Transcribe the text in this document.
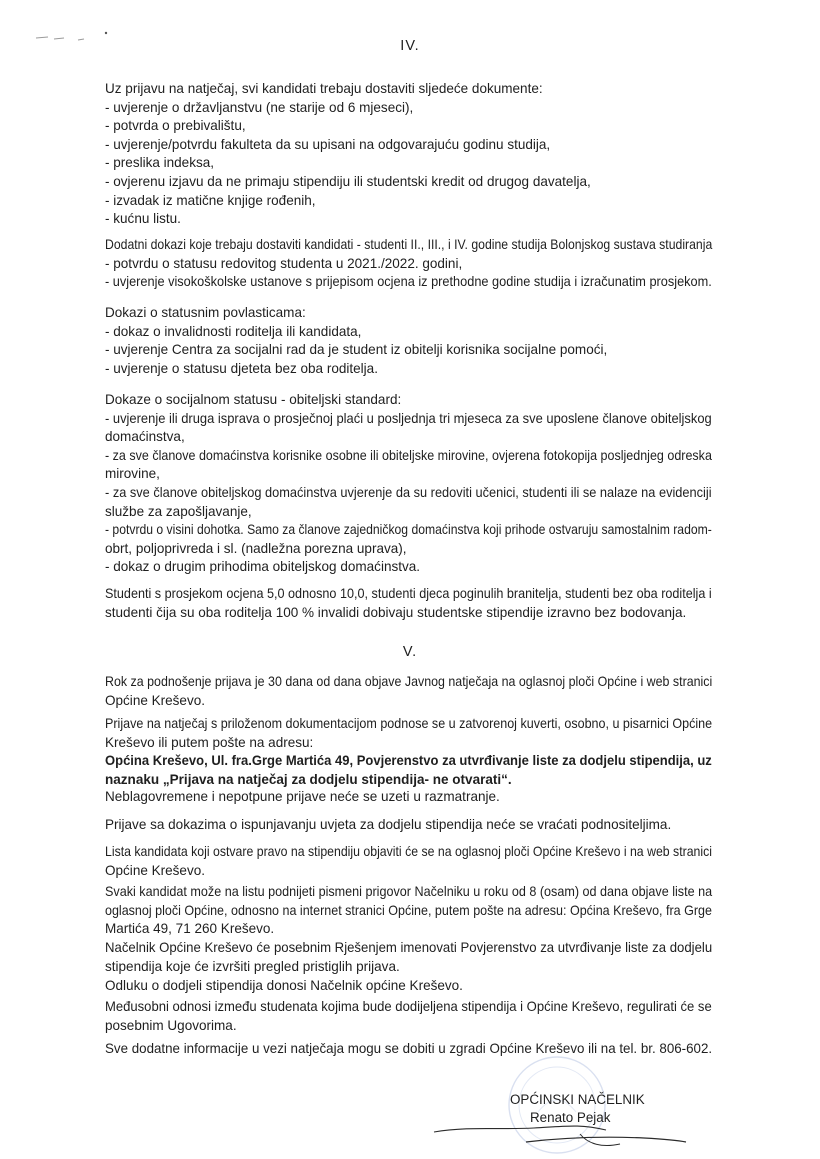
IV.
Uz prijavu na natječaj, svi kandidati trebaju dostaviti sljedeće dokumente:
- uvjerenje o državljanstvu (ne starije od 6 mjeseci),
- potvrda o prebivalištu,
- uvjerenje/potvrdu fakulteta da su upisani na odgovarajuću godinu studija,
- preslika indeksa,
- ovjerenu izjavu da ne primaju stipendiju ili studentski kredit od drugog davatelja,
- izvadak iz matične knjige rođenih,
- kućnu listu.
Dodatni dokazi koje trebaju dostaviti kandidati - studenti II., III., i IV. godine studija Bolonjskog sustava studiranja
- potvrdu o statusu redovitog studenta u 2021./2022. godini,
- uvjerenje visokoškolske ustanove s prijepisom ocjena iz prethodne godine studija i izračunatim prosjekom.
Dokazi o statusnim povlasticama:
- dokaz o invalidnosti roditelja ili kandidata,
- uvjerenje Centra za socijalni rad da je student iz obitelji korisnika socijalne pomoći,
- uvjerenje o statusu djeteta bez oba roditelja.
Dokaze o socijalnom statusu - obiteljski standard:
- uvjerenje ili druga isprava o prosječnoj plaći u posljednja tri mjeseca za sve uposlene članove obiteljskog
domaćinstva,
- za sve članove domaćinstva korisnike osobne ili obiteljske mirovine, ovjerena fotokopija posljednjeg odreska
mirovine,
- za sve članove obiteljskog domaćinstva uvjerenje da su redoviti učenici, studenti ili se nalaze na evidenciji
službe za zapošljavanje,
- potvrdu o visini dohotka. Samo za članove zajedničkog domaćinstva koji prihode ostvaruju samostalnim radom-
obrt, poljoprivreda i sl. (nadležna porezna uprava),
- dokaz o drugim prihodima obiteljskog domaćinstva.
Studenti s prosjekom ocjena 5,0 odnosno 10,0, studenti djeca poginulih branitelja, studenti bez oba roditelja i
studenti čija su oba roditelja 100 % invalidi dobivaju studentske stipendije izravno bez bodovanja.
V.
Rok za podnošenje prijava je 30 dana od dana objave Javnog natječaja na oglasnoj ploči Općine i web stranici
Općine Kreševo.
Prijave na natječaj s priloženom dokumentacijom podnose se u zatvorenoj kuverti, osobno, u pisarnici Općine
Kreševo ili putem pošte na adresu:
Općina Kreševo, Ul. fra.Grge Martića 49, Povjerenstvo za utvrđivanje liste za dodjelu stipendija, uz
naznaku „Prijava na natječaj za dodjelu stipendija- ne otvarati“.
Neblagovremene i nepotpune prijave neće se uzeti u razmatranje.
Prijave sa dokazima o ispunjavanju uvjeta za dodjelu stipendija neće se vraćati podnositeljima.
Lista kandidata koji ostvare pravo na stipendiju objaviti će se na oglasnoj ploči Općine Kreševo i na web stranici
Općine Kreševo.
Svaki kandidat može na listu podnijeti pismeni prigovor Načelniku u roku od 8 (osam) od dana objave liste na
oglasnoj ploči Općine, odnosno na internet stranici Općine, putem pošte na adresu: Općina Kreševo, fra Grge
Martića 49, 71 260 Kreševo.
Načelnik Općine Kreševo će posebnim Rješenjem imenovati Povjerenstvo za utvrđivanje liste za dodjelu
stipendija koje će izvršiti pregled pristiglih prijava.
Odluku o dodjeli stipendija donosi Načelnik općine Kreševo.
Međusobni odnosi između studenata kojima bude dodijeljena stipendija i Općine Kreševo, regulirati će se
posebnim Ugovorima.
Sve dodatne informacije u vezi natječaja mogu se dobiti u zgradi Općine Kreševo ili na tel. br. 806-602.
OPĆINSKI NAČELNIK
Renato Pejak
